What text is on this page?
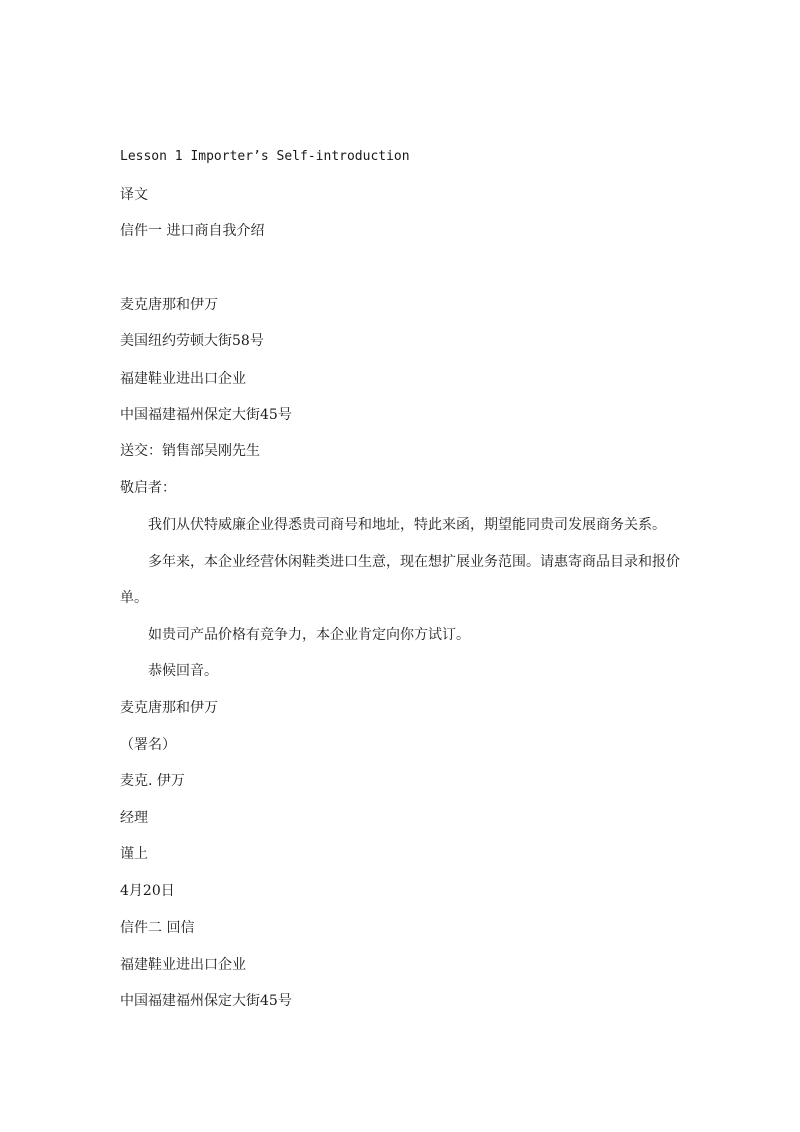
Lesson 1 Importer’s Self-introduction
译文
信件一 进口商自我介绍
麦克唐那和伊万
美国纽约劳顿大街58号
福建鞋业进出口企业
中国福建福州保定大街45号
送交：销售部吴刚先生
敬启者：
我们从伏特威廉企业得悉贵司商号和地址，特此来函，期望能同贵司发展商务关系。
多年来，本企业经营休闲鞋类进口生意，现在想扩展业务范围。请惠寄商品目录和报价
单。
如贵司产品价格有竞争力，本企业肯定向你方试订。
恭候回音。
麦克唐那和伊万
（署名）
麦克. 伊万
经理
谨上
4月20日
信件二 回信
福建鞋业进出口企业
中国福建福州保定大街45号
